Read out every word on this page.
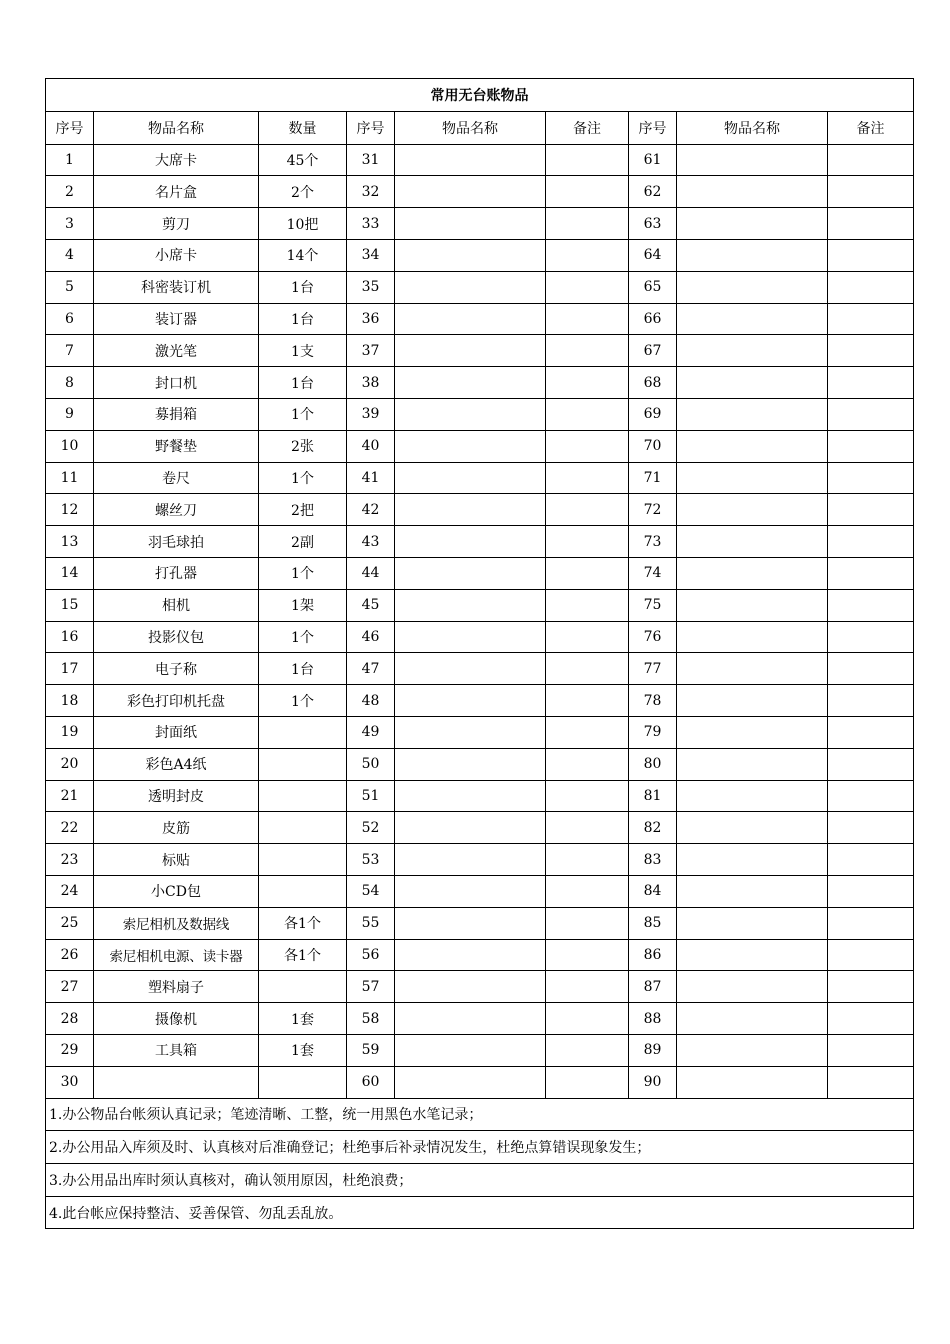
常用无台账物品								
序号	物品名称	数量	序号	物品名称	备注	序号	物品名称	备注
1	大席卡	45个	31			61		
2	名片盒	2个	32			62		
3	剪刀	10把	33			63		
4	小席卡	14个	34			64		
5	科密装订机	1台	35			65		
6	装订器	1台	36			66		
7	激光笔	1支	37			67		
8	封口机	1台	38			68		
9	募捐箱	1个	39			69		
10	野餐垫	2张	40			70		
11	卷尺	1个	41			71		
12	螺丝刀	2把	42			72		
13	羽毛球拍	2副	43			73		
14	打孔器	1个	44			74		
15	相机	1架	45			75		
16	投影仪包	1个	46			76		
17	电子称	1台	47			77		
18	彩色打印机托盘	1个	48			78		
19	封面纸		49			79		
20	彩色A4纸		50			80		
21	透明封皮		51			81		
22	皮筋		52			82		
23	标贴		53			83		
24	小CD包		54			84		
25	索尼相机及数据线	各1个	55			85		
26	索尼相机电源、读卡器	各1个	56			86		
27	塑料扇子		57			87		
28	摄像机	1套	58			88		
29	工具箱	1套	59			89		
30			60			90		
1.办公物品台帐须认真记录；笔迹清晰、工整，统一用黑色水笔记录；								
2.办公用品入库须及时、认真核对后准确登记；杜绝事后补录情况发生，杜绝点算错误现象发生；								
3.办公用品出库时须认真核对，确认领用原因，杜绝浪费；								
4.此台帐应保持整洁、妥善保管、勿乱丢乱放。								
